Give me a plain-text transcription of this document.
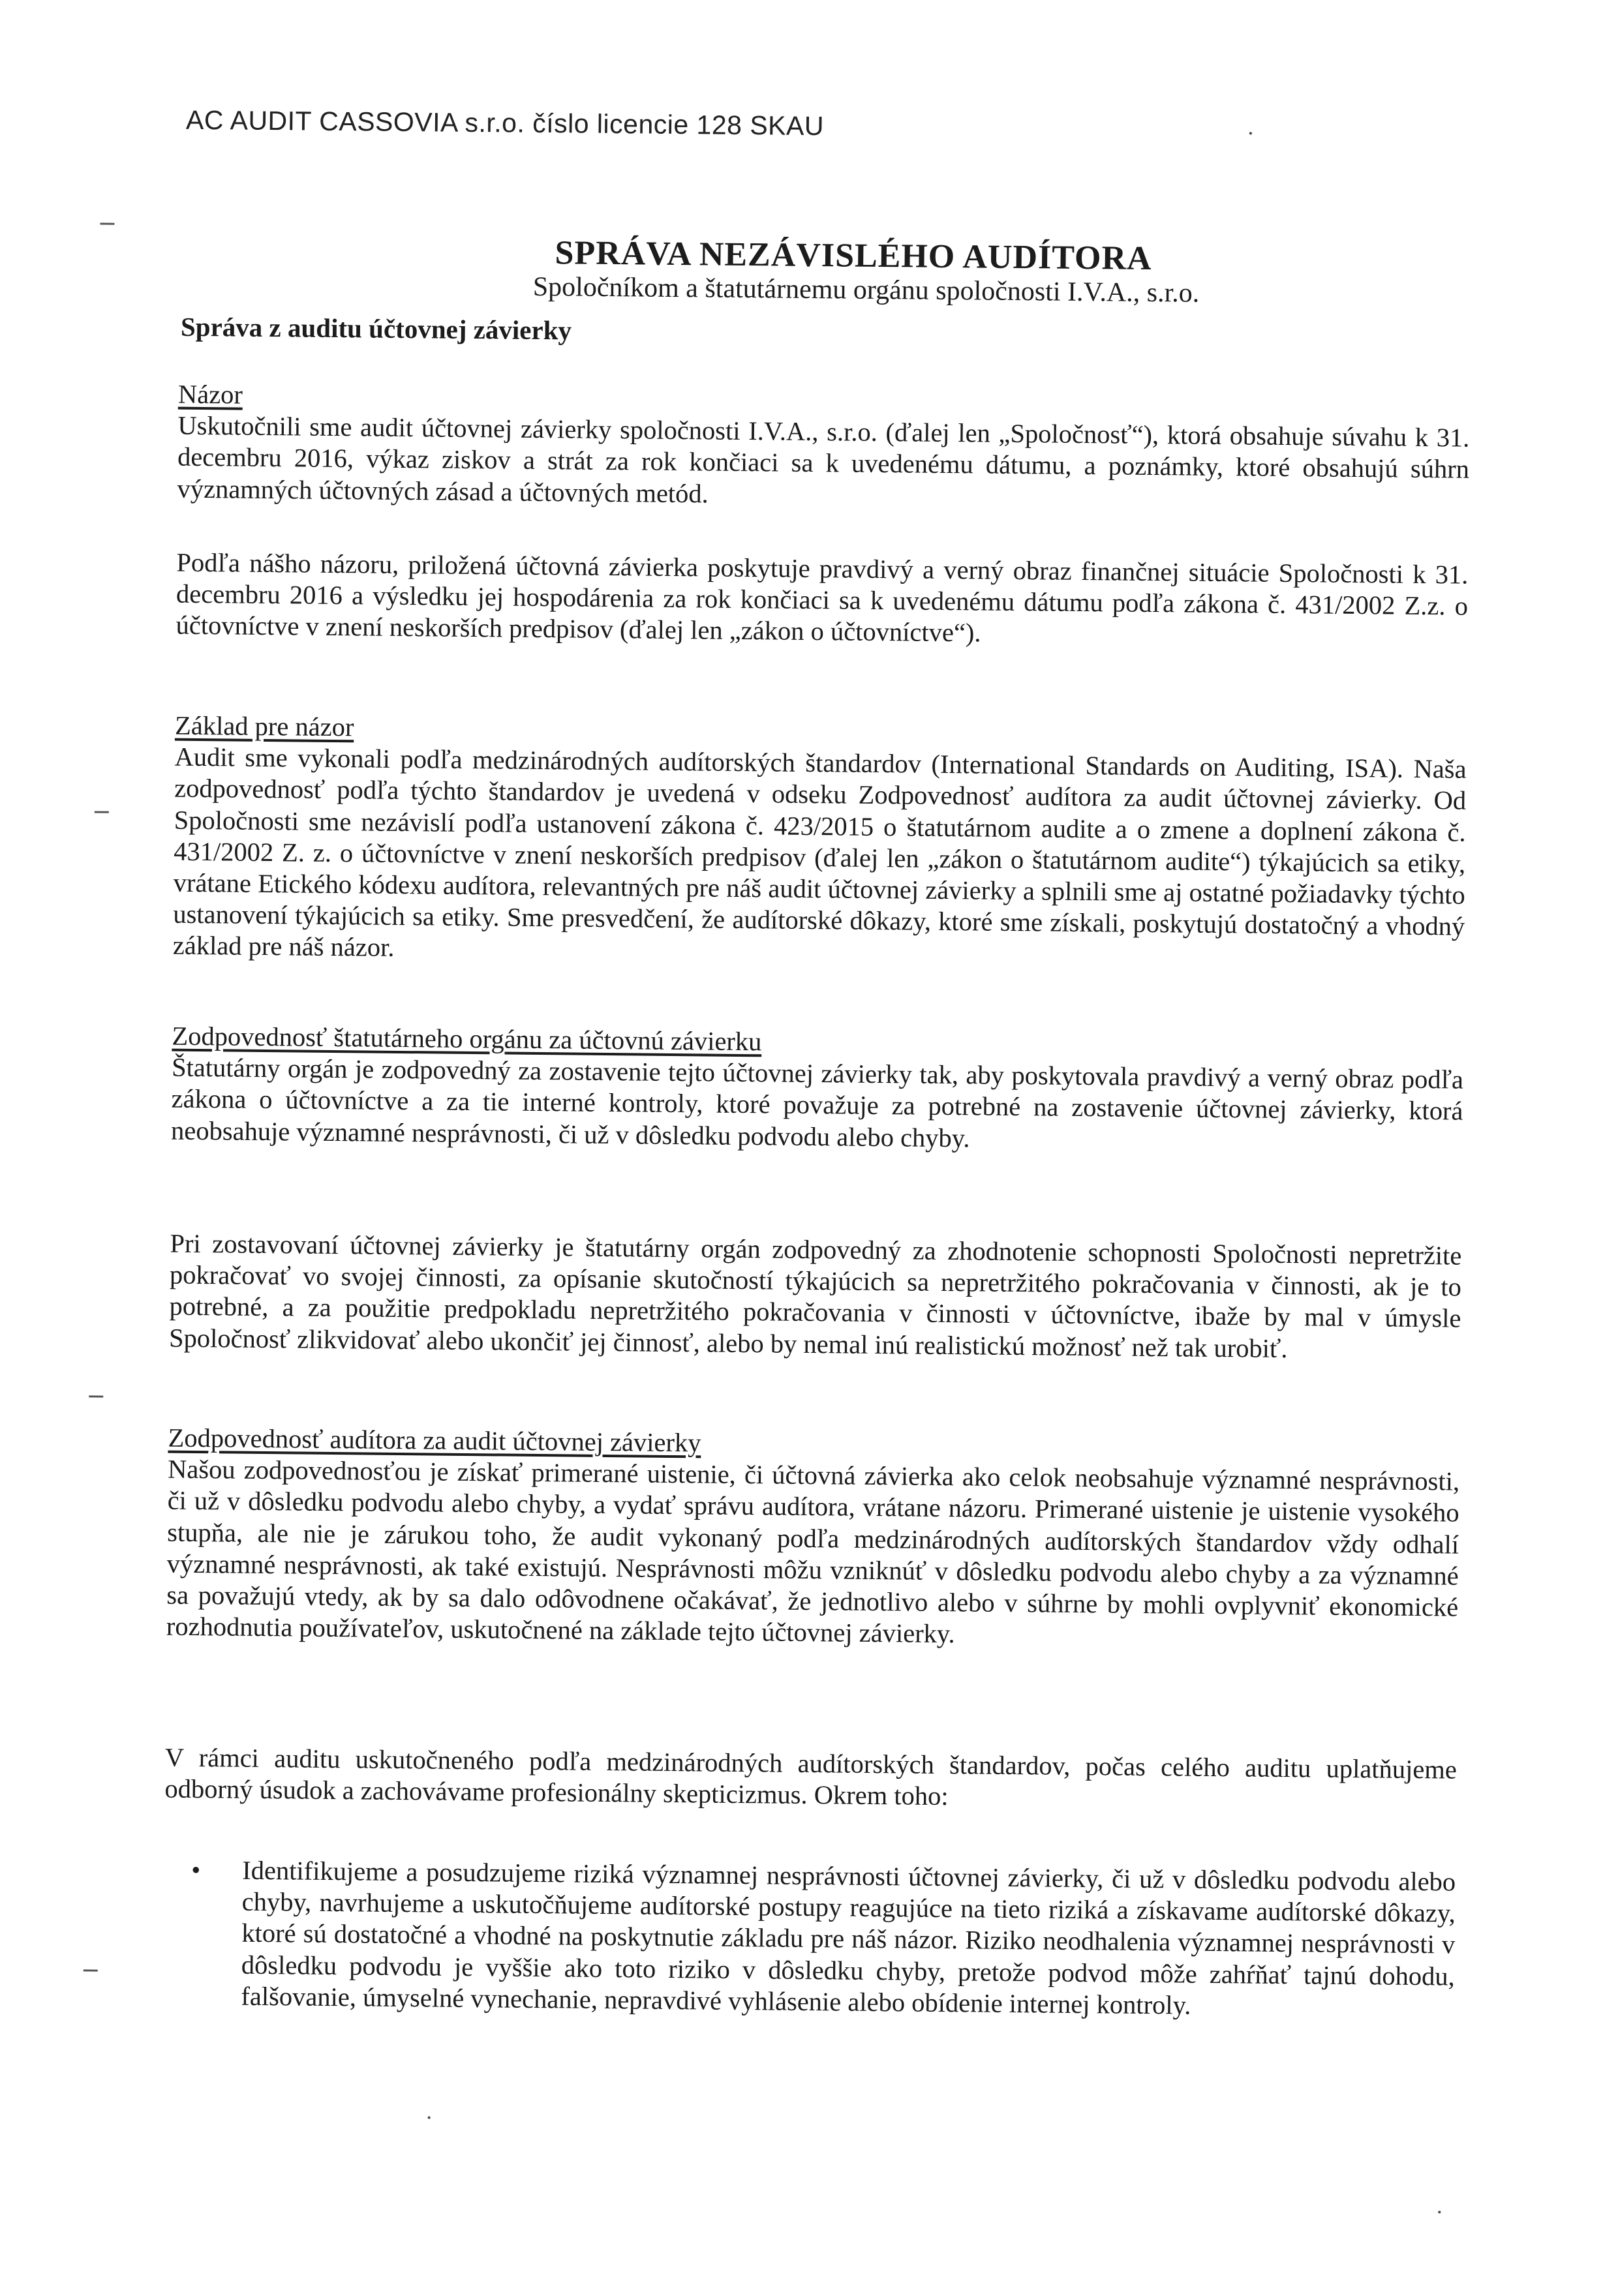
AC AUDIT CASSOVIA s.r.o. číslo licencie 128 SKAU
SPRÁVA NEZÁVISLÉHO AUDÍTORA
Spoločníkom a štatutárnemu orgánu spoločnosti I.V.A., s.r.o.
Správa z auditu účtovnej závierky
Názor

Uskutočnili sme audit účtovnej závierky spoločnosti I.V.A., s.r.o. (ďalej len „Spoločnosť“), ktorá obsahuje súvahu k 31. decembru 2016, výkaz ziskov a strát za rok končiaci sa k uvedenému dátumu, a poznámky, ktoré obsahujú súhrn významných účtovných zásad a účtovných metód.

Podľa nášho názoru, priložená účtovná závierka poskytuje pravdivý a verný obraz finančnej situácie Spoločnosti k 31. decembru 2016 a výsledku jej hospodárenia za rok končiaci sa k uvedenému dátumu podľa zákona č. 431/2002 Z.z. o účtovníctve v znení neskorších predpisov (ďalej len „zákon o účtovníctve“).

Základ pre názor

Audit sme vykonali podľa medzinárodných audítorských štandardov (International Standards on Auditing, ISA). Naša zodpovednosť podľa týchto štandardov je uvedená v odseku Zodpovednosť audítora za audit účtovnej závierky. Od Spoločnosti sme nezávislí podľa ustanovení zákona č. 423/2015 o štatutárnom audite a o zmene a doplnení zákona č. 431/2002 Z. z. o účtovníctve v znení neskorších predpisov (ďalej len „zákon o štatutárnom audite“) týkajúcich sa etiky, vrátane Etického kódexu audítora, relevantných pre náš audit účtovnej závierky a splnili sme aj ostatné požiadavky týchto ustanovení týkajúcich sa etiky. Sme presvedčení, že audítorské dôkazy, ktoré sme získali, poskytujú dostatočný a vhodný základ pre náš názor.

Zodpovednosť štatutárneho orgánu za účtovnú závierku

Štatutárny orgán je zodpovedný za zostavenie tejto účtovnej závierky tak, aby poskytovala pravdivý a verný obraz podľa zákona o účtovníctve a za tie interné kontroly, ktoré považuje za potrebné na zostavenie účtovnej závierky, ktorá neobsahuje významné nesprávnosti, či už v dôsledku podvodu alebo chyby.

Pri zostavovaní účtovnej závierky je štatutárny orgán zodpovedný za zhodnotenie schopnosti Spoločnosti nepretržite pokračovať vo svojej činnosti, za opísanie skutočností týkajúcich sa nepretržitého pokračovania v činnosti, ak je to potrebné, a za použitie predpokladu nepretržitého pokračovania v činnosti v účtovníctve, ibaže by mal v úmysle Spoločnosť zlikvidovať alebo ukončiť jej činnosť, alebo by nemal inú realistickú možnosť než tak urobiť.

Zodpovednosť audítora za audit účtovnej závierky

Našou zodpovednosťou je získať primerané uistenie, či účtovná závierka ako celok neobsahuje významné nesprávnosti, či už v dôsledku podvodu alebo chyby, a vydať správu audítora, vrátane názoru. Primerané uistenie je uistenie vysokého stupňa, ale nie je zárukou toho, že audit vykonaný podľa medzinárodných audítorských štandardov vždy odhalí významné nesprávnosti, ak také existujú. Nesprávnosti môžu vzniknúť v dôsledku podvodu alebo chyby a za významné sa považujú vtedy, ak by sa dalo odôvodnene očakávať, že jednotlivo alebo v súhrne by mohli ovplyvniť ekonomické rozhodnutia používateľov, uskutočnené na základe tejto účtovnej závierky.

V rámci auditu uskutočneného podľa medzinárodných audítorských štandardov, počas celého auditu uplatňujeme odborný úsudok a zachovávame profesionálny skepticizmus. Okrem toho:

• Identifikujeme a posudzujeme riziká významnej nesprávnosti účtovnej závierky, či už v dôsledku podvodu alebo chyby, navrhujeme a uskutočňujeme audítorské postupy reagujúce na tieto riziká a získavame audítorské dôkazy, ktoré sú dostatočné a vhodné na poskytnutie základu pre náš názor. Riziko neodhalenia významnej nesprávnosti v dôsledku podvodu je vyššie ako toto riziko v dôsledku chyby, pretože podvod môže zahŕňať tajnú dohodu, falšovanie, úmyselné vynechanie, nepravdivé vyhlásenie alebo obídenie internej kontroly.
